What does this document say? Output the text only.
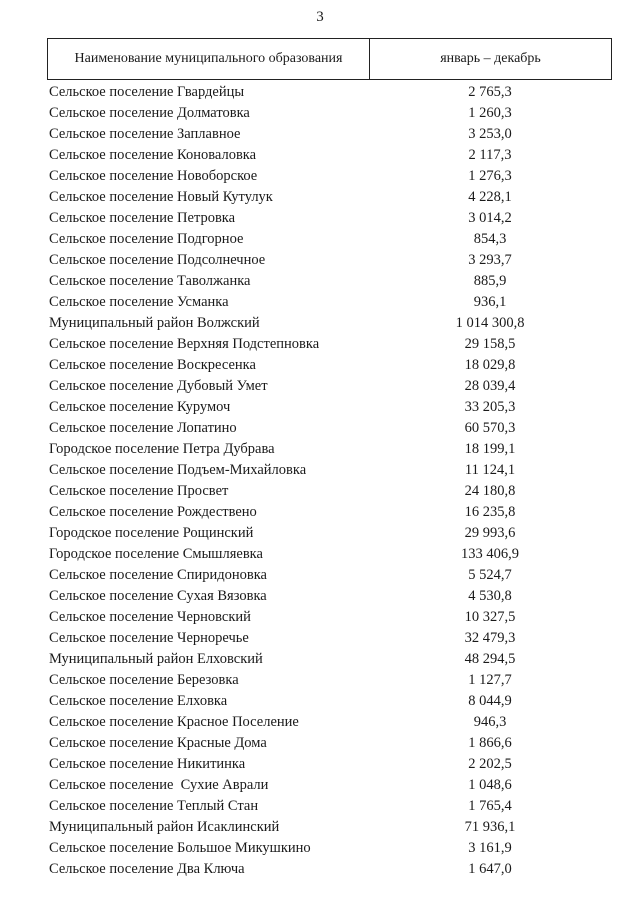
3
Наименование муниципального образования	январь – декабрь
Сельское поселение Гвардейцы	2 765,3
Сельское поселение Долматовка	1 260,3
Сельское поселение Заплавное	3 253,0
Сельское поселение Коноваловка	2 117,3
Сельское поселение Новоборское	1 276,3
Сельское поселение Новый Кутулук	4 228,1
Сельское поселение Петровка	3 014,2
Сельское поселение Подгорное	854,3
Сельское поселение Подсолнечное	3 293,7
Сельское поселение Таволжанка	885,9
Сельское поселение Усманка	936,1
Муниципальный район Волжский	1 014 300,8
Сельское поселение Верхняя Подстепновка	29 158,5
Сельское поселение Воскресенка	18 029,8
Сельское поселение Дубовый Умет	28 039,4
Сельское поселение Курумоч	33 205,3
Сельское поселение Лопатино	60 570,3
Городское поселение Петра Дубрава	18 199,1
Сельское поселение Подъем-Михайловка	11 124,1
Сельское поселение Просвет	24 180,8
Сельское поселение Рождествено	16 235,8
Городское поселение Рощинский	29 993,6
Городское поселение Смышляевка	133 406,9
Сельское поселение Спиридоновка	5 524,7
Сельское поселение Сухая Вязовка	4 530,8
Сельское поселение Черновский	10 327,5
Сельское поселение Черноречье	32 479,3
Муниципальный район Елховский	48 294,5
Сельское поселение Березовка	1 127,7
Сельское поселение Елховка	8 044,9
Сельское поселение Красное Поселение	946,3
Сельское поселение Красные Дома	1 866,6
Сельское поселение Никитинка	2 202,5
Сельское поселение  Сухие Аврали	1 048,6
Сельское поселение Теплый Стан	1 765,4
Муниципальный район Исаклинский	71 936,1
Сельское поселение Большое Микушкино	3 161,9
Сельское поселение Два Ключа	1 647,0
